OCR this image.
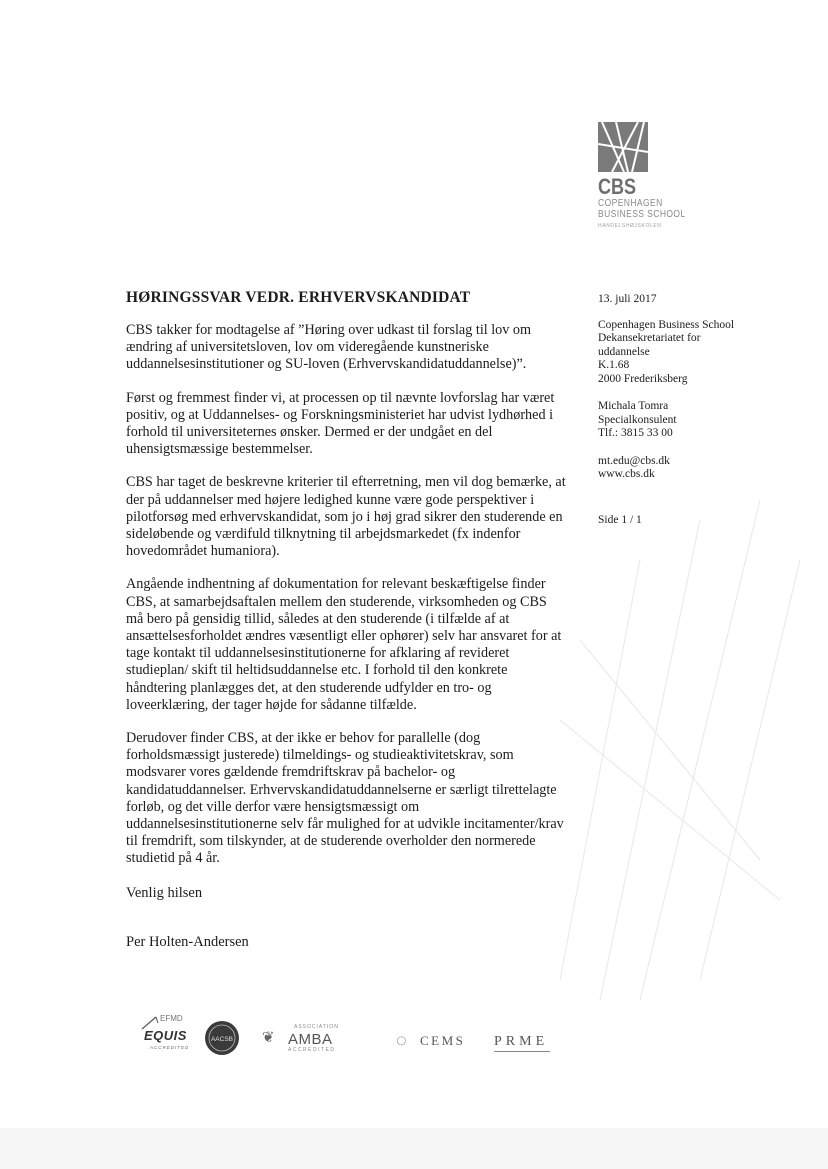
CBS
COPENHAGEN
BUSINESS SCHOOL
HANDELSHØJSKOLEN
HØRINGSSVAR VEDR. ERHVERVSKANDIDAT

CBS takker for modtagelse af ”Høring over udkast til forslag til lov om ændring af universitetsloven, lov om videregående kunstneriske uddannelsesinstitutioner og SU-loven (Erhvervskandidatuddannelse)”.

Først og fremmest finder vi, at processen op til nævnte lovforslag har været positiv, og at Uddannelses- og Forskningsministeriet har udvist lydhørhed i forhold til universiteternes ønsker. Dermed er der undgået en del uhensigtsmæssige bestemmelser.

CBS har taget de beskrevne kriterier til efterretning, men vil dog bemærke, at der på uddannelser med højere ledighed kunne være gode perspektiver i pilotforsøg med erhvervskandidat, som jo i høj grad sikrer den studerende en sideløbende og værdifuld tilknytning til arbejdsmarkedet (fx indenfor hovedområdet humaniora).

Angående indhentning af dokumentation for relevant beskæftigelse finder CBS, at samarbejdsaftalen mellem den studerende, virksomheden og CBS må bero på gensidig tillid, således at den studerende (i tilfælde af at ansættelsesforholdet ændres væsentligt eller ophører) selv har ansvaret for at tage kontakt til uddannelsesinstitutionerne for afklaring af revideret studieplan/ skift til heltidsuddannelse etc. I forhold til den konkrete håndtering planlægges det, at den studerende udfylder en tro- og loveerklæring, der tager højde for sådanne tilfælde.

Derudover finder CBS, at der ikke er behov for parallelle (dog forholdsmæssigt justerede) tilmeldings- og studieaktivitetskrav, som modsvarer vores gældende fremdriftskrav på bachelor- og kandidatuddannelser. Erhvervskandidatuddannelserne er særligt tilrettelagte forløb, og det ville derfor være hensigtsmæssigt om uddannelsesinstitutionerne selv får mulighed for at udvikle incitamenter/krav til fremdrift, som tilskynder, at de studerende overholder den normerede studietid på 4 år.

Venlig hilsen
Per Holten-Andersen
13. juli 2017
Copenhagen Business School
Dekansekretariatet for
uddannelse
K.1.68
2000 Frederiksberg
Michala Tomra
Specialkonsulent
Tlf.: 3815 33 00
mt.edu@cbs.dk
www.cbs.dk
Side 1 / 1
EFMD
EQUIS
ACCREDITED
AACSB ❦
ASSOCIATION
AMBA
ACCREDITED	◌ CEMS PRME
